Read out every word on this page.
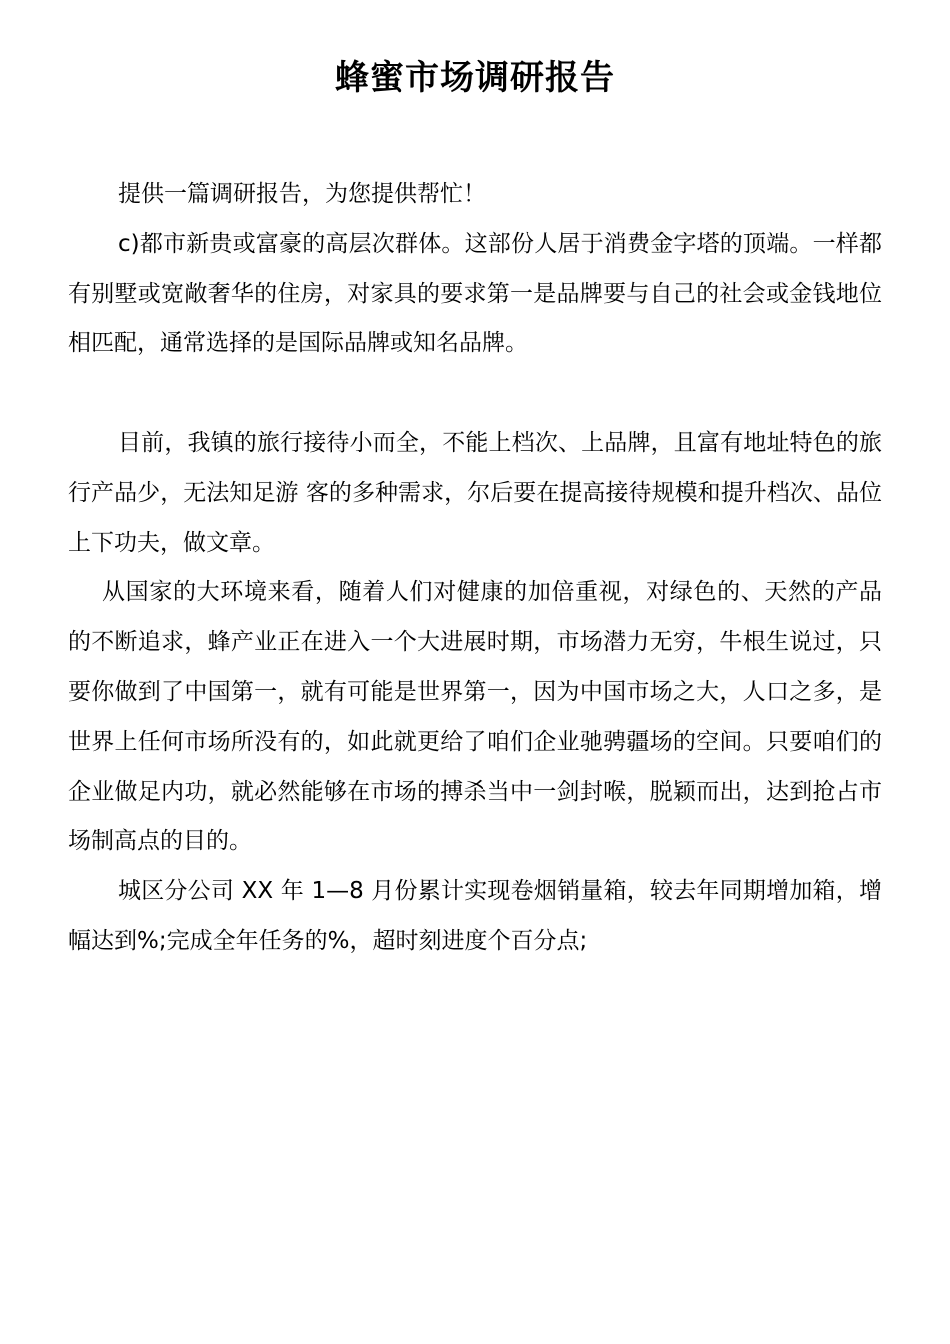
蜂蜜市场调研报告

提供一篇调研报告，为您提供帮忙！

c)都市新贵或富豪的高层次群体。这部份人居于消费金字塔的顶端。一样都有别墅或宽敞奢华的住房，对家具的要求第一是品牌要与自己的社会或金钱地位相匹配，通常选择的是国际品牌或知名品牌。

目前，我镇的旅行接待小而全，不能上档次、上品牌，且富有地址特色的旅行产品少，无法知足游 客的多种需求，尔后要在提高接待规模和提升档次、品位上下功夫，做文章。

从国家的大环境来看，随着人们对健康的加倍重视，对绿色的、天然的产品的不断追求，蜂产业正在进入一个大进展时期，市场潜力无穷，牛根生说过，只要你做到了中国第一，就有可能是世界第一，因为中国市场之大，人口之多，是世界上任何市场所没有的，如此就更给了咱们企业驰骋疆场的空间。只要咱们的企业做足内功，就必然能够在市场的搏杀当中一剑封喉，脱颖而出，达到抢占市场制高点的目的。

城区分公司 XX 年 1—8 月份累计实现卷烟销量箱，较去年同期增加箱，增幅达到%;完成全年任务的%，超时刻进度个百分点;
